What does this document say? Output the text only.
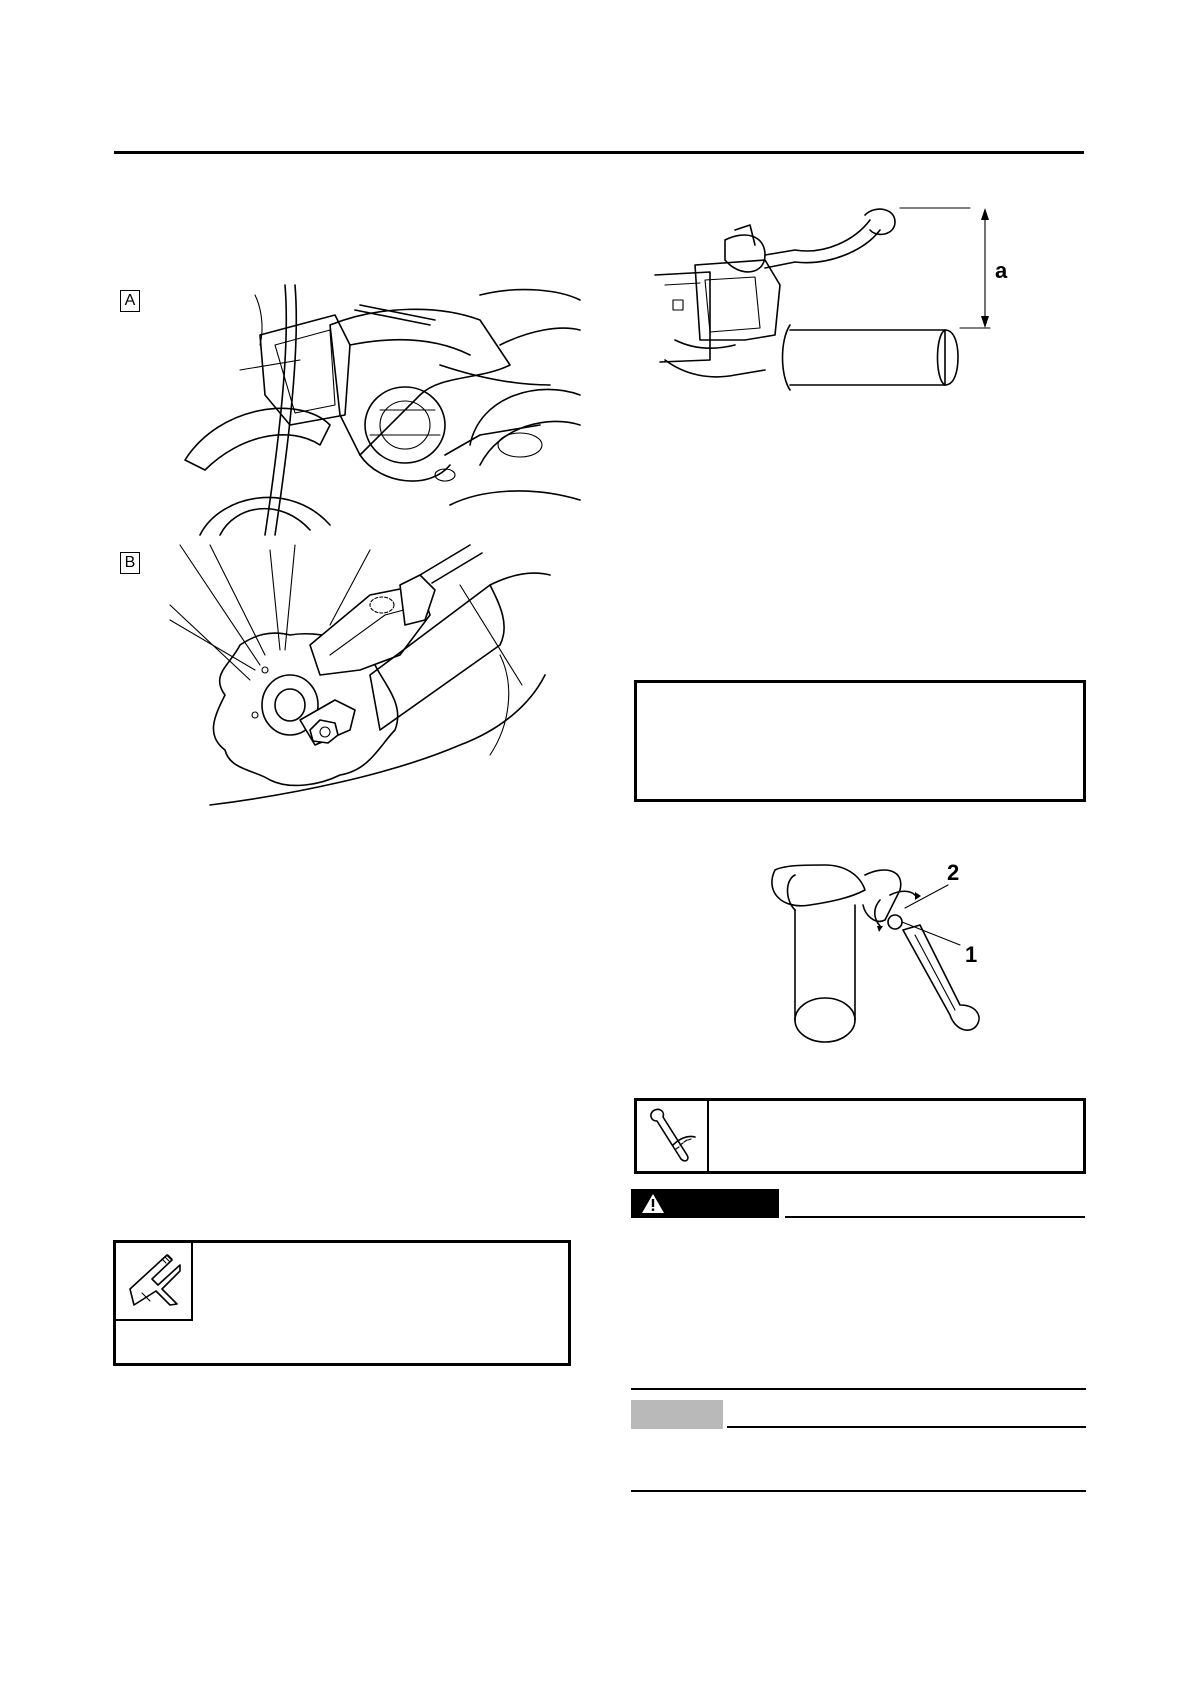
A
B
a
2
1
